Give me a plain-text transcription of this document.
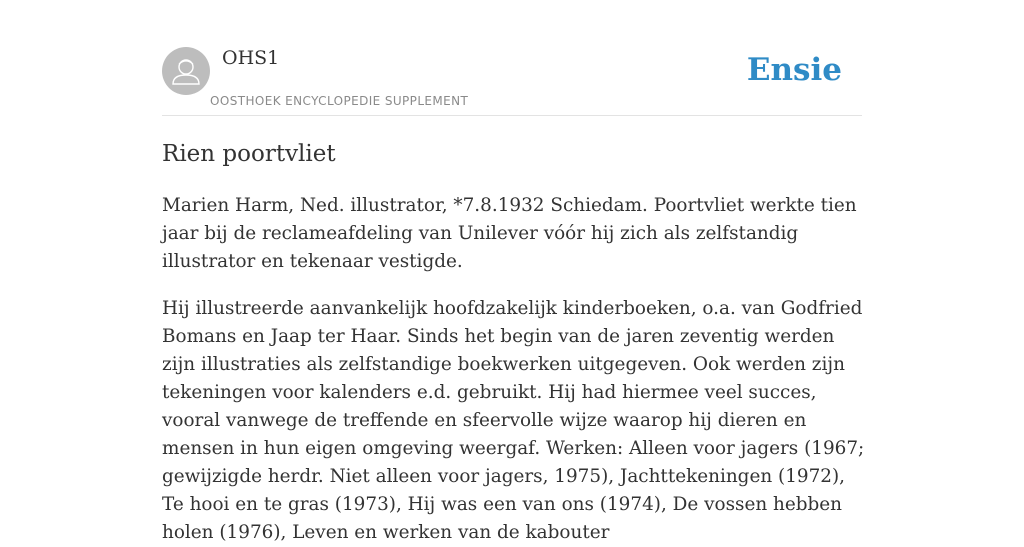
OHS1
OOSTHOEK ENCYCLOPEDIE SUPPLEMENT
Ensie
Rien poortvliet

Marien Harm, Ned. illustrator, *7.8.1932 Schiedam. Poortvliet werkte tien jaar bij de reclameafdeling van Unilever vóór hij zich als zelfstandig illustrator en tekenaar vestigde.

Hij illustreerde aanvankelijk hoofdzakelijk kinderboeken, o.a. van Godfried Bomans en Jaap ter Haar. Sinds het begin van de jaren zeventig werden zijn illustraties als zelfstandige boekwerken uitgegeven. Ook werden zijn tekeningen voor kalenders e.d. gebruikt. Hij had hiermee veel succes, vooral vanwege de treffende en sfeervolle wijze waarop hij dieren en mensen in hun eigen omgeving weergaf. Werken: Alleen voor jagers (1967; gewijzigde herdr. Niet alleen voor jagers, 1975), Jachttekeningen (1972), Te hooi en te gras (1973), Hij was een van ons (1974), De vossen hebben holen (1976), Leven en werken van de kabouter
